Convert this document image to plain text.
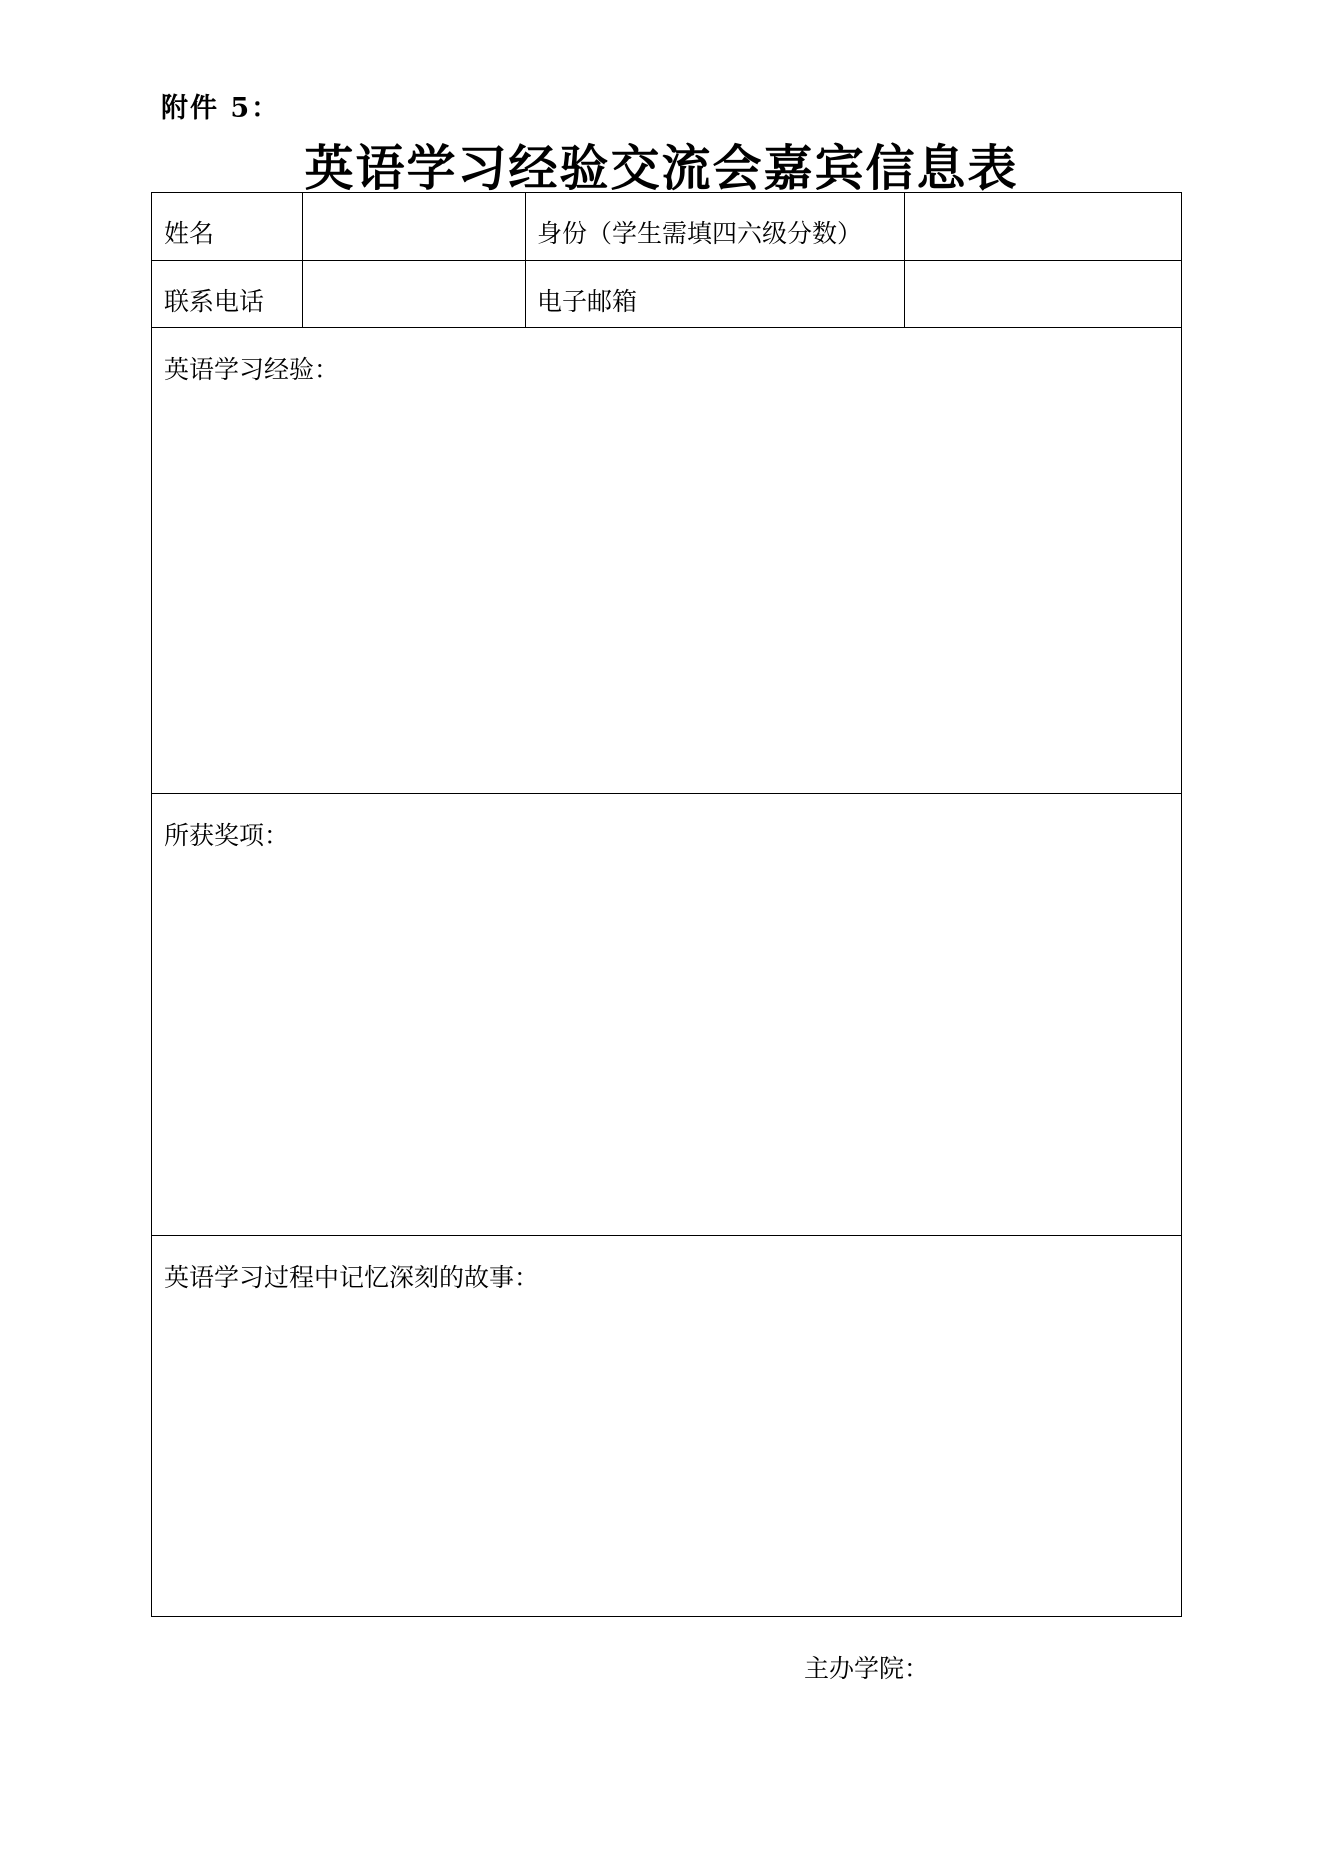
附件 5：
英语学习经验交流会嘉宾信息表
姓名	身份（学生需填四六级分数）
联系电话	电子邮箱
英语学习经验：
所获奖项：
英语学习过程中记忆深刻的故事：
主办学院：
